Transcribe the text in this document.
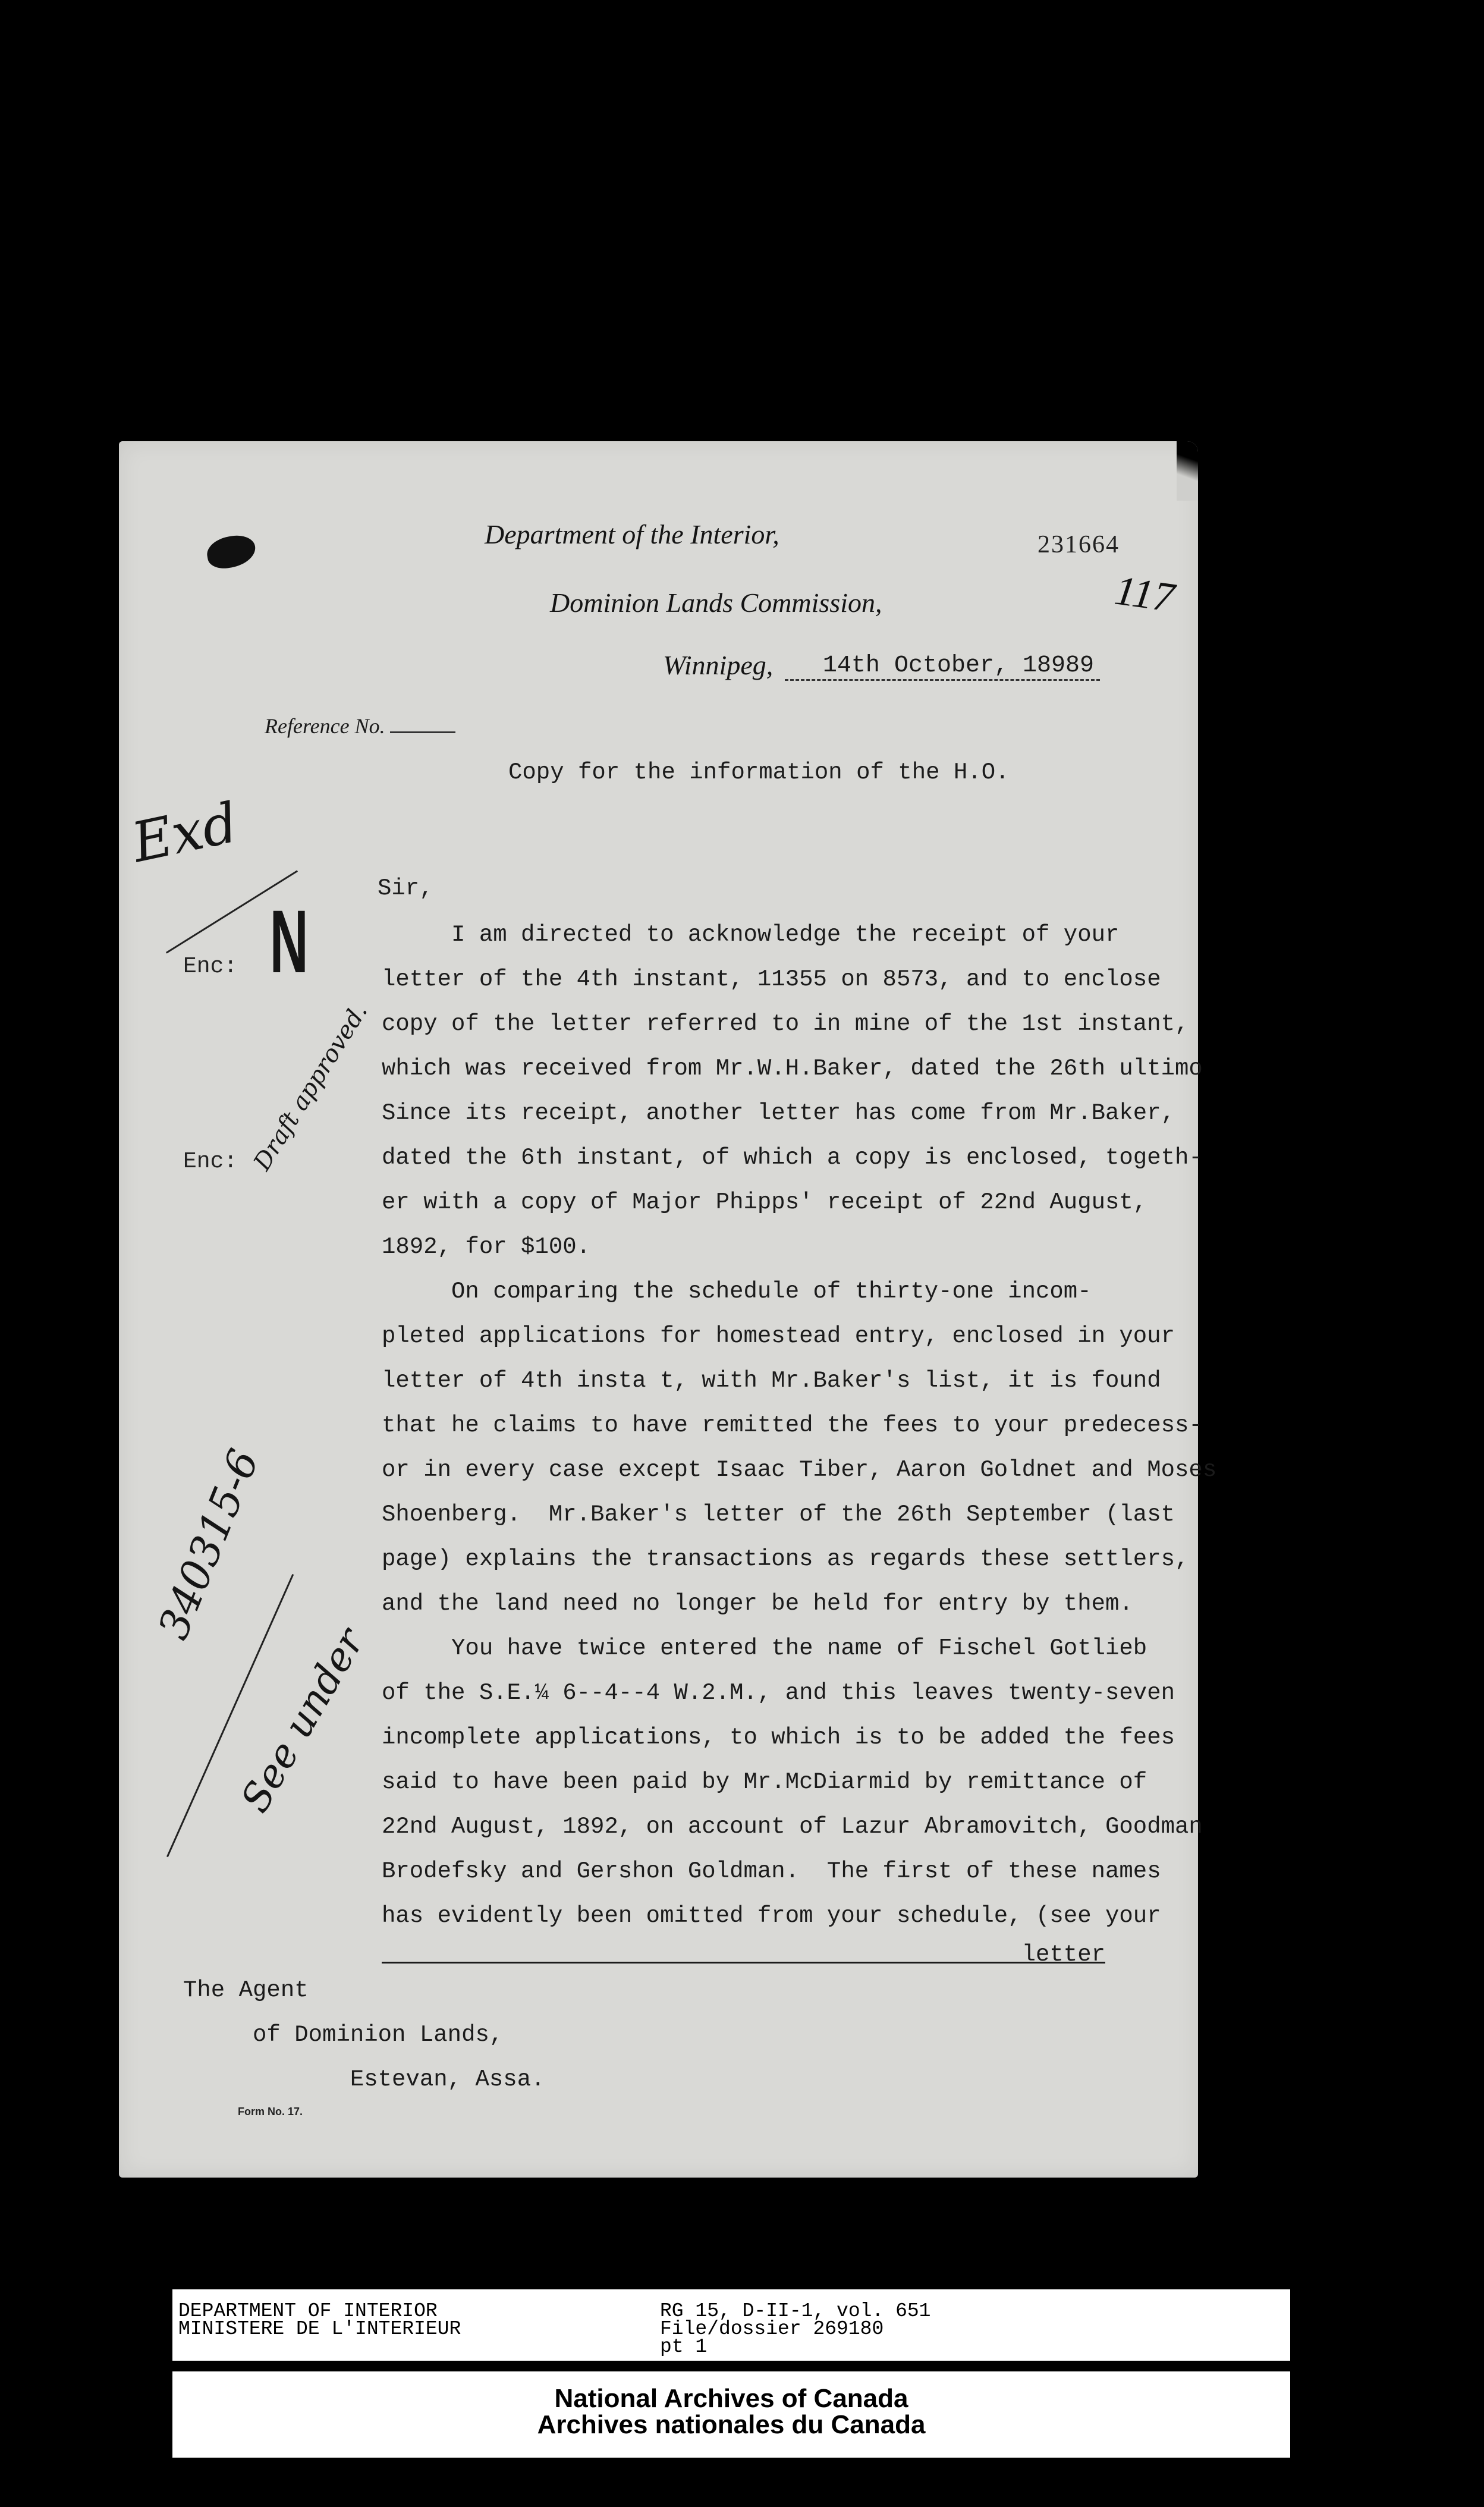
Department of the Interior,	231664
117
Dominion Lands Commission,
Winnipeg,	14th October, 18989
Reference No.
Copy for the information of the H.O.
Sir,
Enc:
Enc:
I am directed to acknowledge the receipt of your
letter of the 4th instant, 11355 on 8573, and to enclose
copy of the letter referred to in mine of the 1st instant,
which was received from Mr.W.H.Baker, dated the 26th ultimo
Since its receipt, another letter has come from Mr.Baker,
dated the 6th instant, of which a copy is enclosed, togeth-
er with a copy of Major Phipps' receipt of 22nd August,
1892, for $100.
On comparing the schedule of thirty-one incom-
pleted applications for homestead entry, enclosed in your
letter of 4th insta t, with Mr.Baker's list, it is found
that he claims to have remitted the fees to your predecess-
or in every case except Isaac Tiber, Aaron Goldnet and Moses
Shoenberg.  Mr.Baker's letter of the 26th September (last
page) explains the transactions as regards these settlers,
and the land need no longer be held for entry by them.
You have twice entered the name of Fischel Gotlieb
of the S.E.¼ 6--4--4 W.2.M., and this leaves twenty-seven
incomplete applications, to which is to be added the fees
said to have been paid by Mr.McDiarmid by remittance of
22nd August, 1892, on account of Lazur Abramovitch, Goodman
Brodefsky and Gershon Goldman.  The first of these names
has evidently been omitted from your schedule, (see your
letter
The Agent
of Dominion Lands,
Estevan, Assa.
Form No. 17.
Exd
N
Draft approved.
340315-6
See under
DEPARTMENT OF INTERIOR
MINISTERE DE L'INTERIEUR
RG 15, D-II-1, vol. 651
File/dossier 269180
pt 1
National Archives of Canada
Archives nationales du Canada
